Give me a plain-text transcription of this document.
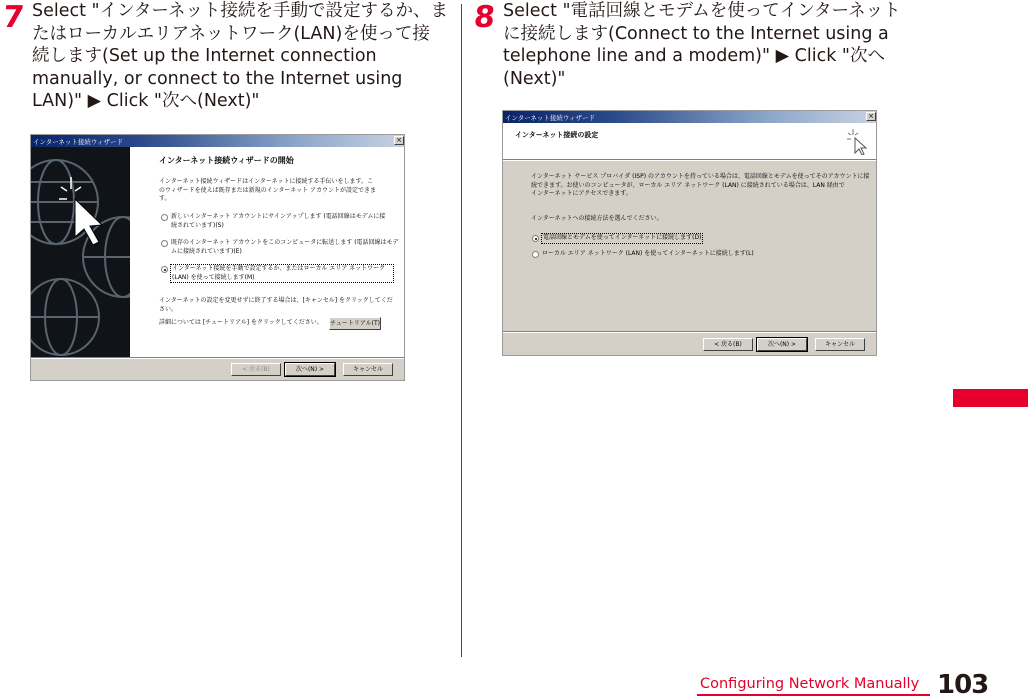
7 Select "インターネット接続を手動で設定するか、ま
たはローカルエリアネットワーク(LAN)を使って接
続します(Set up the Internet connection
manually, or connect to the Internet using
LAN)" ▶ Click "次へ(Next)"
8 Select "電話回線とモデムを使ってインターネット
に接続します(Connect to the Internet using a
telephone line and a modem)" ▶ Click "次へ
(Next)"
インターネット接続ウィザード	×
インターネット接続ウィザードの開始
インターネット接続ウィザードはインターネットに接続する手伝いをします。こ
のウィザードを使えば既存または新規のインターネット アカウントが設定できま
す。
新しいインターネット アカウントにサインアップします (電話回線はモデムに接
続されています)(S)
既存のインターネット アカウントをこのコンピュータに転送します (電話回線はモデ
ムに接続されています)(E)
インターネット接続を手動で設定するか、またはローカル エリア ネットワーク
(LAN) を使って接続します(M)
インターネットの設定を変更せずに終了する場合は、[キャンセル] をクリックしてくだ
さい。
詳細については [チュートリアル] をクリックしてください。	チュートリアル(T)
< 戻る(B)	次へ(N) >	キャンセル
インターネット接続ウィザード	×
インターネット接続の設定
インターネット サービス プロバイダ (ISP) のアカウントを持っている場合は、電話回線とモデムを使ってそのアカウントに接
続できます。お使いのコンピュータが、ローカル エリア ネットワーク (LAN) に接続されている場合は、LAN 経由で
インターネットにアクセスできます。
インターネットへの接続方法を選んでください。
電話回線とモデムを使ってインターネットに接続します(D)
ローカル エリア ネットワーク (LAN) を使ってインターネットに接続します(L)
< 戻る(B)	次へ(N) >	キャンセル
Configuring Network Manually 103
